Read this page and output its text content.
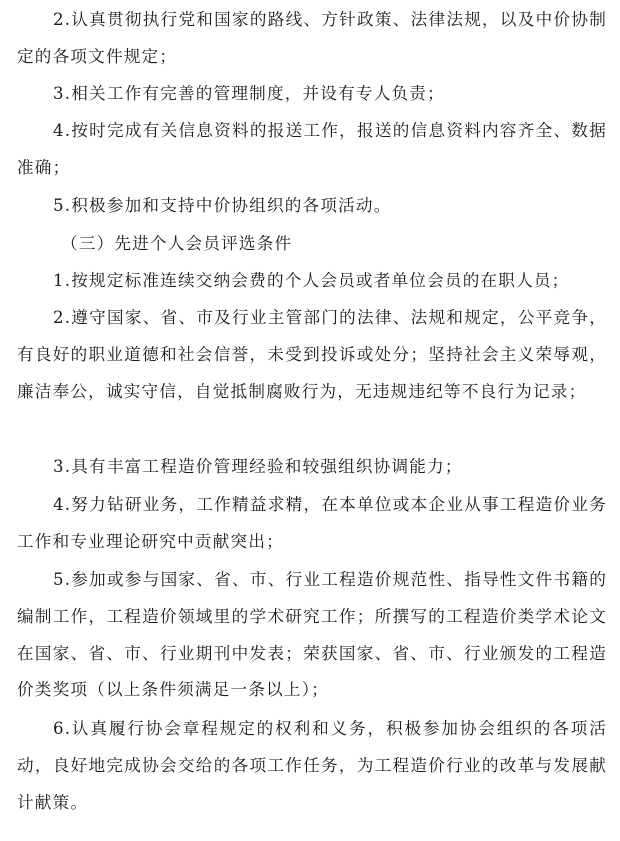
2.认真贯彻执行党和国家的路线、方针政策、法律法规，以及中价协制定的各项文件规定；

3.相关工作有完善的管理制度，并设有专人负责；

4.按时完成有关信息资料的报送工作，报送的信息资料内容齐全、数据准确；

5.积极参加和支持中价协组织的各项活动。

（三）先进个人会员评选条件

1.按规定标准连续交纳会费的个人会员或者单位会员的在职人员；

2.遵守国家、省、市及行业主管部门的法律、法规和规定，公平竞争，有良好的职业道德和社会信誉，未受到投诉或处分；坚持社会主义荣辱观，廉洁奉公，诚实守信，自觉抵制腐败行为，无违规违纪等不良行为记录；

3.具有丰富工程造价管理经验和较强组织协调能力；

4.努力钻研业务，工作精益求精，在本单位或本企业从事工程造价业务工作和专业理论研究中贡献突出；

5.参加或参与国家、省、市、行业工程造价规范性、指导性文件书籍的编制工作，工程造价领域里的学术研究工作；所撰写的工程造价类学术论文在国家、省、市、行业期刊中发表；荣获国家、省、市、行业颁发的工程造价类奖项（以上条件须满足一条以上）；

6.认真履行协会章程规定的权利和义务，积极参加协会组织的各项活动，良好地完成协会交给的各项工作任务，为工程造价行业的改革与发展献计献策。
